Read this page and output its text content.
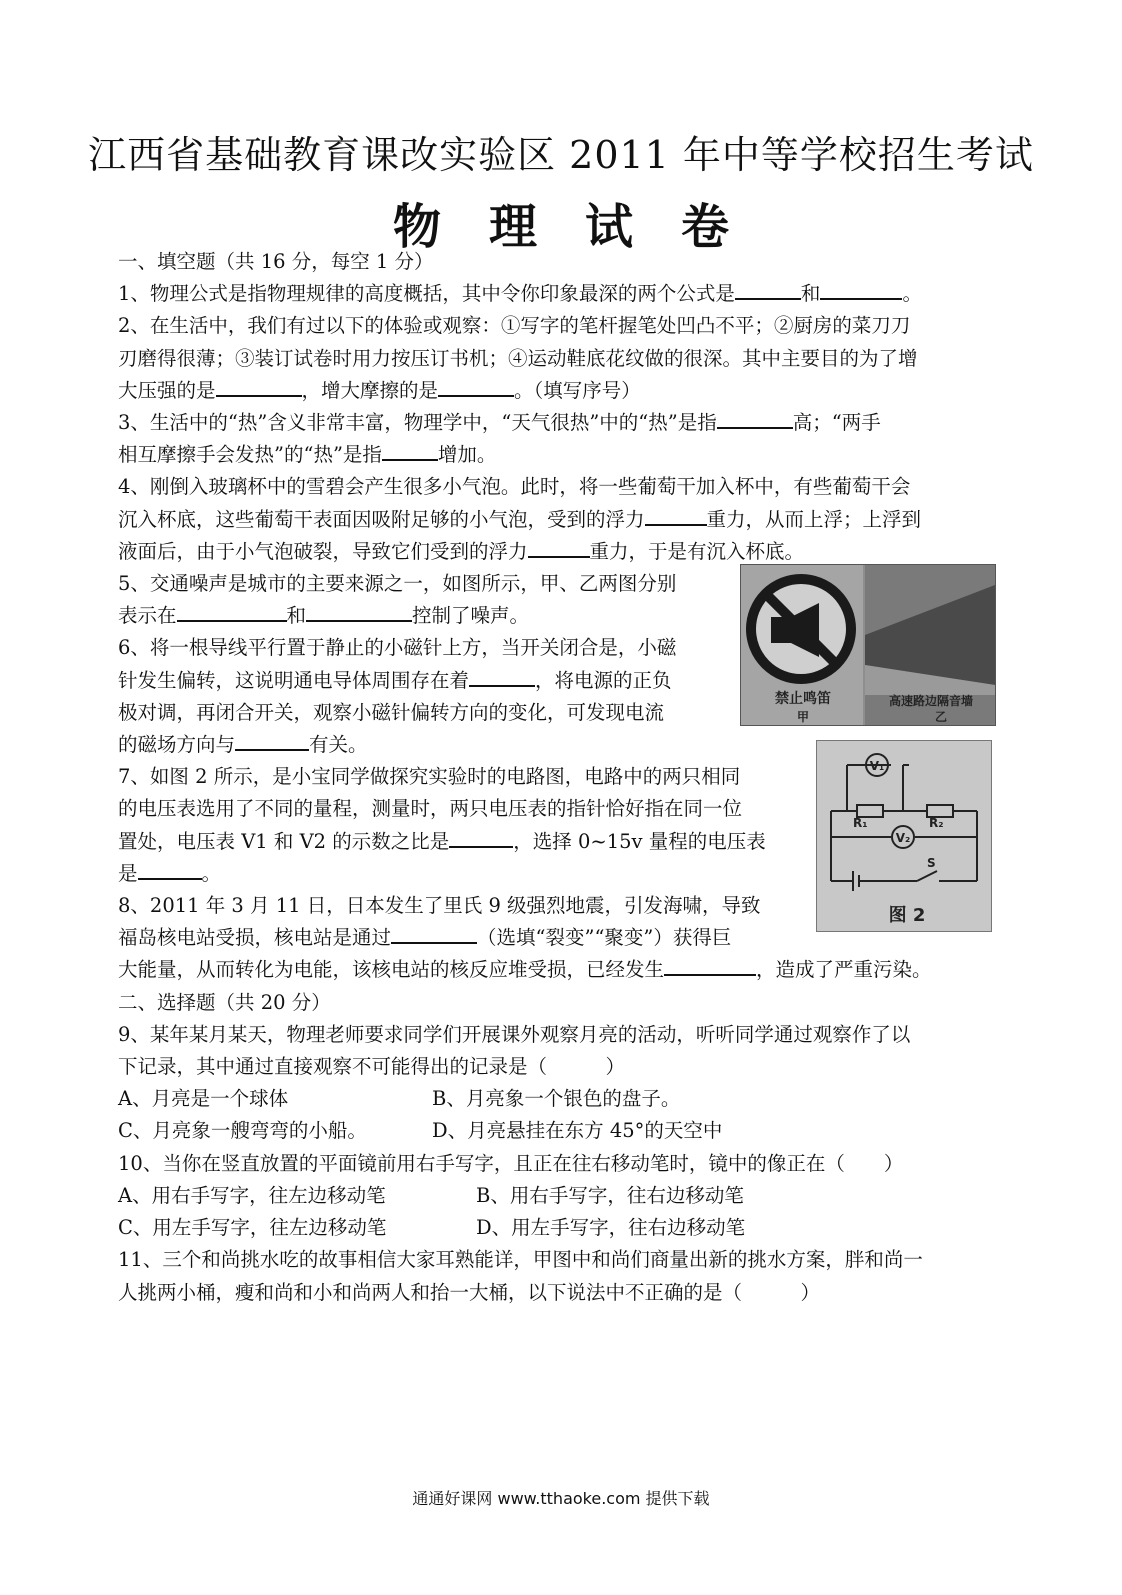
江西省基础教育课改实验区 2011 年中等学校招生考试
物理试卷

一、填空题（共 16 分，每空 1 分）

1、物理公式是指物理规律的高度概括，其中令你印象最深的两个公式是	和	。

2、在生活中，我们有过以下的体验或观察：①写字的笔杆握笔处凹凸不平；②厨房的菜刀刀

刃磨得很薄；③装订试卷时用力按压订书机；④运动鞋底花纹做的很深。其中主要目的为了增

大压强的是	，增大摩擦的是	。（填写序号）

3、生活中的“热”含义非常丰富，物理学中，“天气很热”中的“热”是指	高；“两手

相互摩擦手会发热”的“热”是指	增加。

4、刚倒入玻璃杯中的雪碧会产生很多小气泡。此时，将一些葡萄干加入杯中，有些葡萄干会

沉入杯底，这些葡萄干表面因吸附足够的小气泡，受到的浮力	重力，从而上浮；上浮到

液面后，由于小气泡破裂，导致它们受到的浮力	重力，于是有沉入杯底。

5、交通噪声是城市的主要来源之一，如图所示，甲、乙两图分别

表示在	和	控制了噪声。

6、将一根导线平行置于静止的小磁针上方，当开关闭合是，小磁

针发生偏转，这说明通电导体周围存在着	，将电源的正负

极对调，再闭合开关，观察小磁针偏转方向的变化，可发现电流

的磁场方向与	有关。

7、如图 2 所示，是小宝同学做探究实验时的电路图，电路中的两只相同

的电压表选用了不同的量程，测量时，两只电压表的指针恰好指在同一位

置处，电压表 V1 和 V2 的示数之比是	，选择 0~15v 量程的电压表

是	。

8、2011 年 3 月 11 日，日本发生了里氏 9 级强烈地震，引发海啸，导致

福岛核电站受损，核电站是通过	（选填“裂变”“聚变”）获得巨

大能量，从而转化为电能，该核电站的核反应堆受损，已经发生	，造成了严重污染。

二、选择题（共 20 分）

9、某年某月某天，物理老师要求同学们开展课外观察月亮的活动，听听同学通过观察作了以

下记录，其中通过直接观察不可能得出的记录是（　　　）

A、月亮是一个球体	B、月亮象一个银色的盘子。
C、月亮象一艘弯弯的小船。	D、月亮悬挂在东方 45°的天空中

10、当你在竖直放置的平面镜前用右手写字，且正在往右移动笔时，镜中的像正在（　　）

A、用右手写字，往左边移动笔	B、用右手写字，往右边移动笔
C、用左手写字，往左边移动笔	D、用左手写字，往右边移动笔

11、三个和尚挑水吃的故事相信大家耳熟能详，甲图中和尚们商量出新的挑水方案，胖和尚一

人挑两小桶，瘦和尚和小和尚两人和抬一大桶，以下说法中不正确的是（　　　）

禁止鸣笛
甲
高速路边隔音墙
乙
V₁
V₂
R₁	R₂
S
图 2
通通好课网 www.tthaoke.com 提供下载
